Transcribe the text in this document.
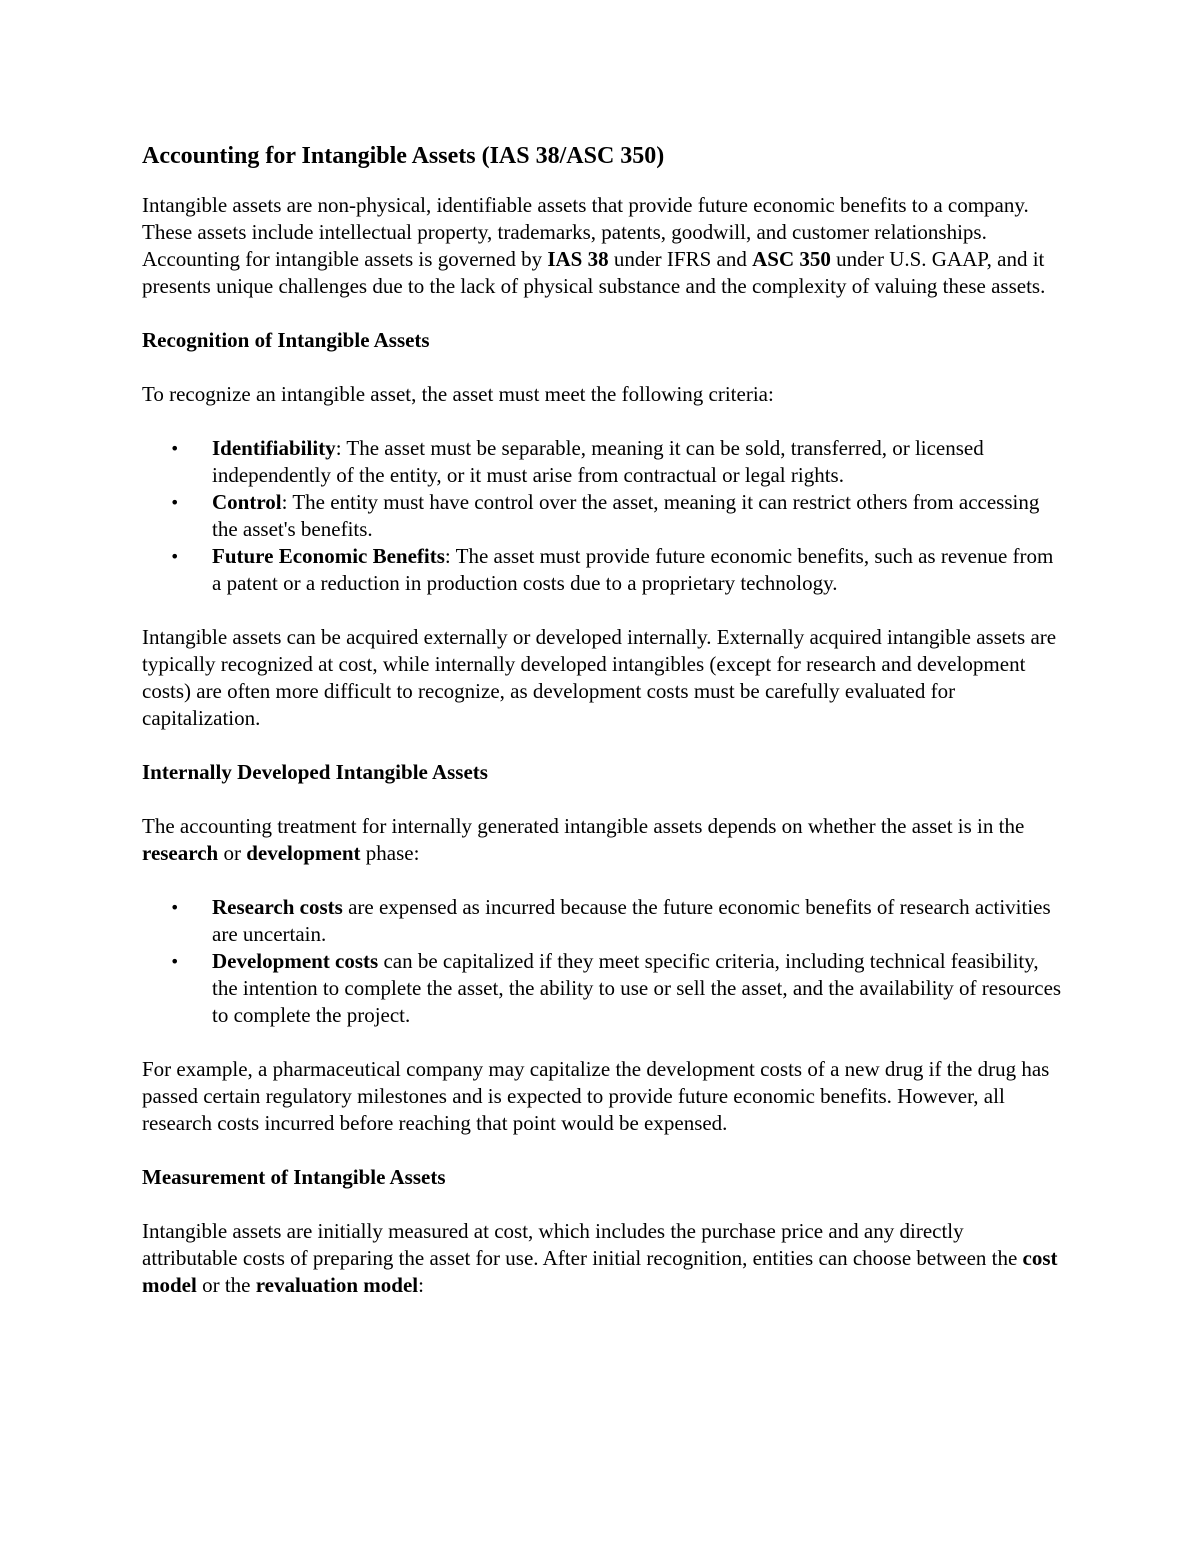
Accounting for Intangible Assets (IAS 38/ASC 350)

Intangible assets are non-physical, identifiable assets that provide future economic benefits to a company. These assets include intellectual property, trademarks, patents, goodwill, and customer relationships. Accounting for intangible assets is governed by IAS 38 under IFRS and ASC 350 under U.S. GAAP, and it presents unique challenges due to the lack of physical substance and the complexity of valuing these assets.

Recognition of Intangible Assets

To recognize an intangible asset, the asset must meet the following criteria:

• Identifiability: The asset must be separable, meaning it can be sold, transferred, or licensed independently of the entity, or it must arise from contractual or legal rights.
• Control: The entity must have control over the asset, meaning it can restrict others from accessing the asset's benefits.
• Future Economic Benefits: The asset must provide future economic benefits, such as revenue from a patent or a reduction in production costs due to a proprietary technology.

Intangible assets can be acquired externally or developed internally. Externally acquired intangible assets are typically recognized at cost, while internally developed intangibles (except for research and development costs) are often more difficult to recognize, as development costs must be carefully evaluated for capitalization.

Internally Developed Intangible Assets

The accounting treatment for internally generated intangible assets depends on whether the asset is in the research or development phase:

• Research costs are expensed as incurred because the future economic benefits of research activities are uncertain.
• Development costs can be capitalized if they meet specific criteria, including technical feasibility, the intention to complete the asset, the ability to use or sell the asset, and the availability of resources to complete the project.

For example, a pharmaceutical company may capitalize the development costs of a new drug if the drug has passed certain regulatory milestones and is expected to provide future economic benefits. However, all research costs incurred before reaching that point would be expensed.

Measurement of Intangible Assets

Intangible assets are initially measured at cost, which includes the purchase price and any directly attributable costs of preparing the asset for use. After initial recognition, entities can choose between the cost model or the revaluation model:
